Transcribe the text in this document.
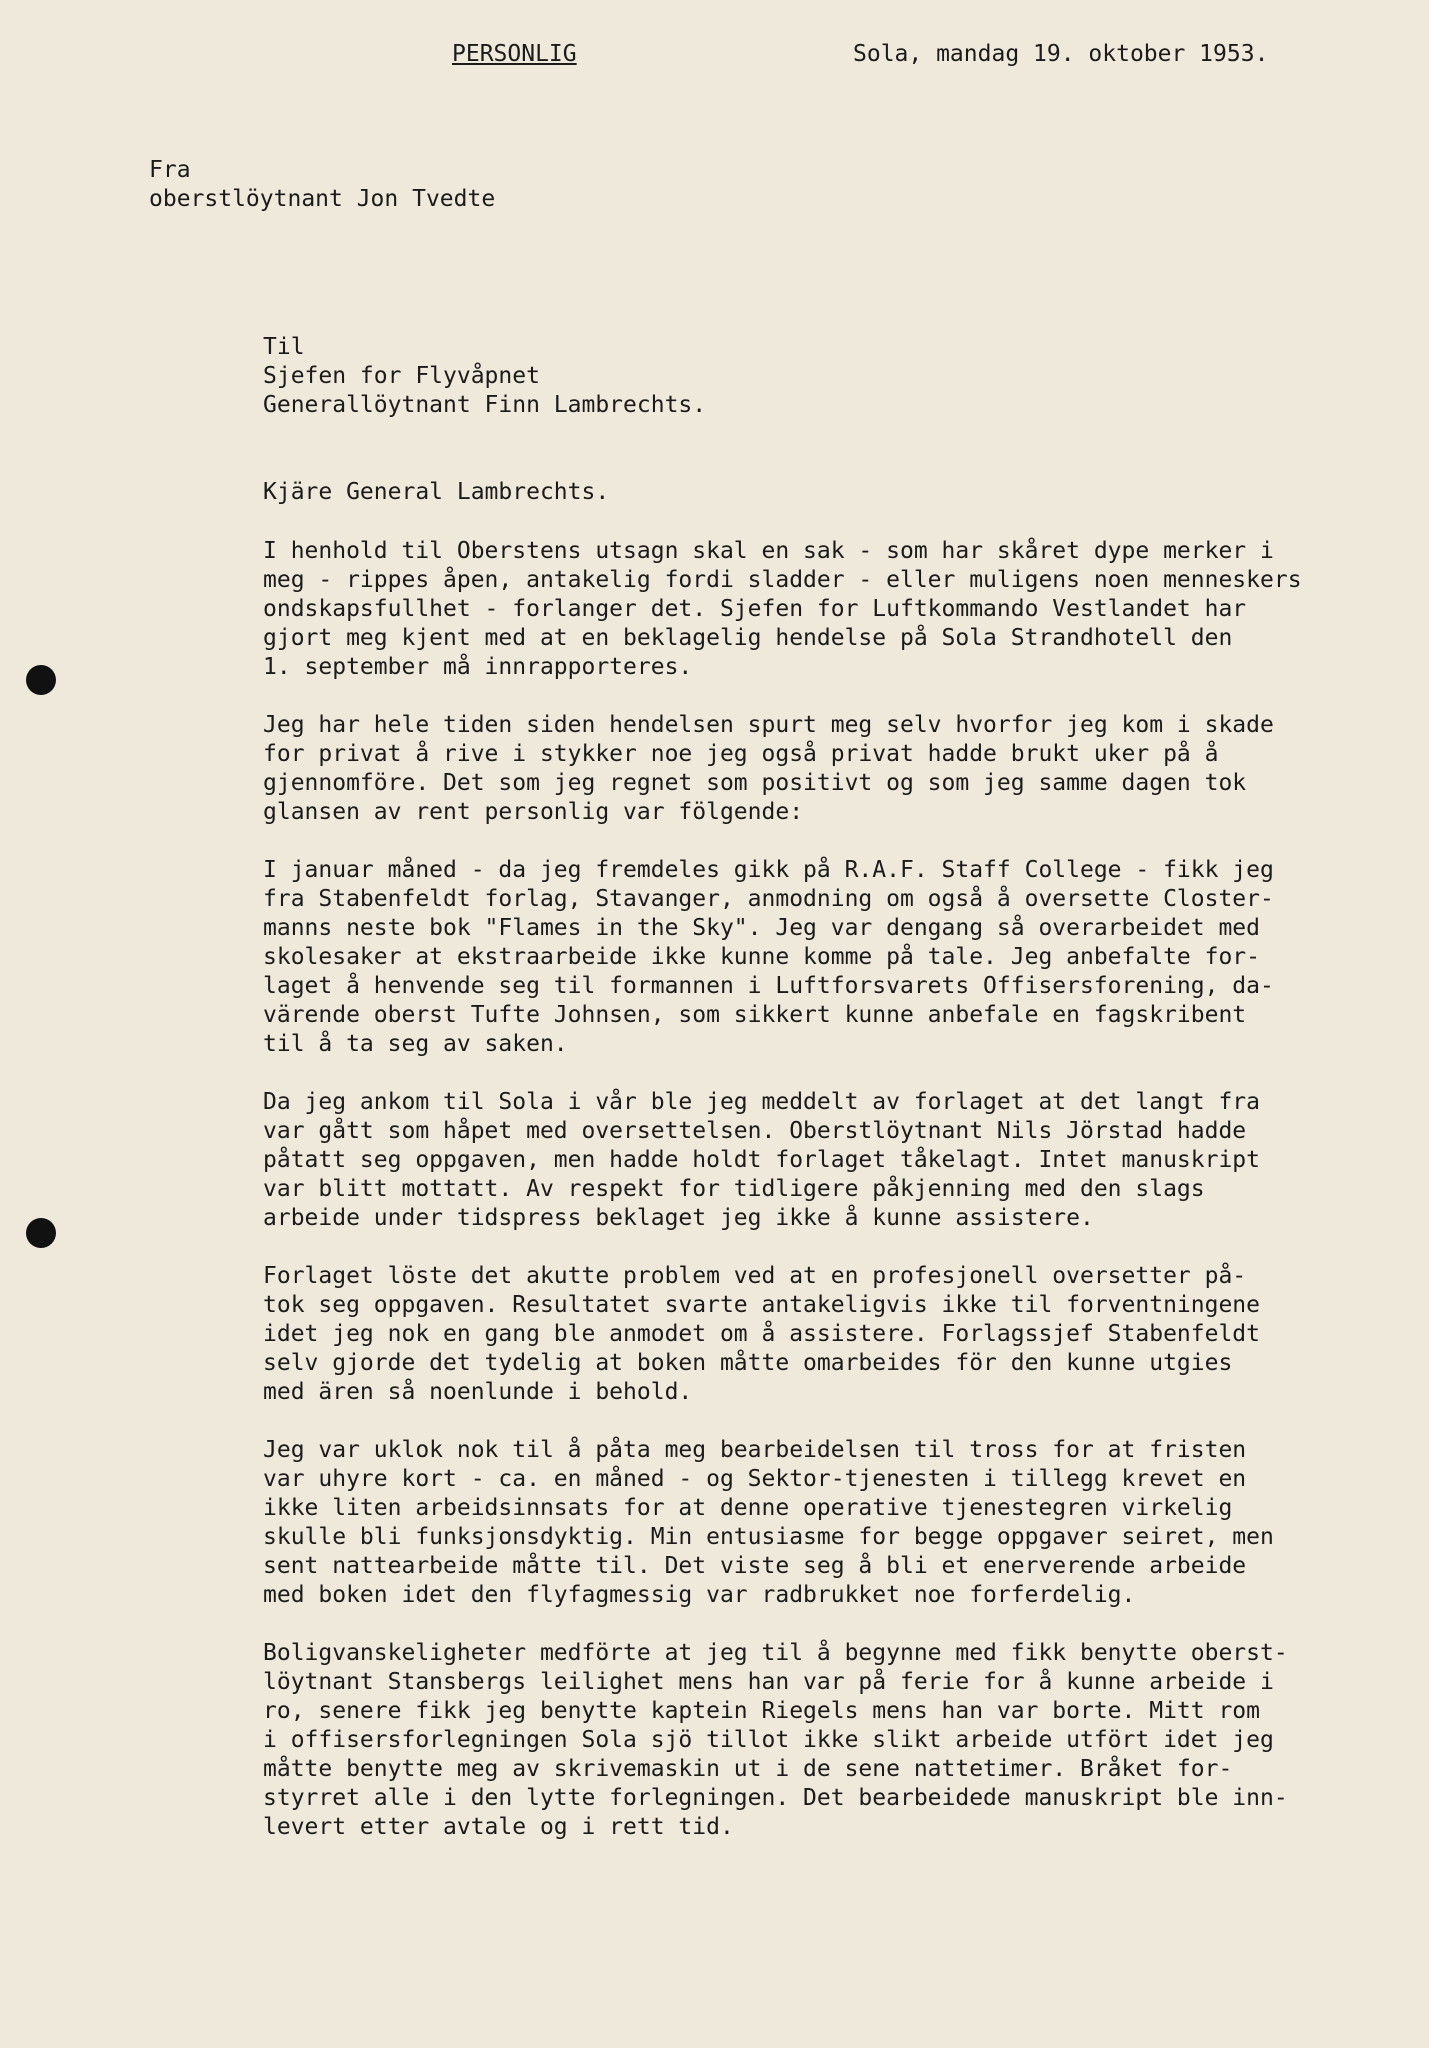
PERSONLIG	Sola, mandag 19. oktober 1953.
Fra
oberstlöytnant Jon Tvedte
Til
Sjefen for Flyvåpnet
Generallöytnant Finn Lambrechts.
Kjäre General Lambrechts.
I henhold til Oberstens utsagn skal en sak - som har skåret dype merker i
meg - rippes åpen, antakelig fordi sladder - eller muligens noen menneskers
ondskapsfullhet - forlanger det. Sjefen for Luftkommando Vestlandet har
gjort meg kjent med at en beklagelig hendelse på Sola Strandhotell den
1. september må innrapporteres.
Jeg har hele tiden siden hendelsen spurt meg selv hvorfor jeg kom i skade
for privat å rive i stykker noe jeg også privat hadde brukt uker på å
gjennomföre. Det som jeg regnet som positivt og som jeg samme dagen tok
glansen av rent personlig var fölgende:
I januar måned - da jeg fremdeles gikk på R.A.F. Staff College - fikk jeg
fra Stabenfeldt forlag, Stavanger, anmodning om også å oversette Closter-
manns neste bok "Flames in the Sky". Jeg var dengang så overarbeidet med
skolesaker at ekstraarbeide ikke kunne komme på tale. Jeg anbefalte for-
laget å henvende seg til formannen i Luftforsvarets Offisersforening, da-
värende oberst Tufte Johnsen, som sikkert kunne anbefale en fagskribent
til å ta seg av saken.
Da jeg ankom til Sola i vår ble jeg meddelt av forlaget at det langt fra
var gått som håpet med oversettelsen. Oberstlöytnant Nils Jörstad hadde
påtatt seg oppgaven, men hadde holdt forlaget tåkelagt. Intet manuskript
var blitt mottatt. Av respekt for tidligere påkjenning med den slags
arbeide under tidspress beklaget jeg ikke å kunne assistere.
Forlaget löste det akutte problem ved at en profesjonell oversetter på-
tok seg oppgaven. Resultatet svarte antakeligvis ikke til forventningene
idet jeg nok en gang ble anmodet om å assistere. Forlagssjef Stabenfeldt
selv gjorde det tydelig at boken måtte omarbeides för den kunne utgies
med ären så noenlunde i behold.
Jeg var uklok nok til å påta meg bearbeidelsen til tross for at fristen
var uhyre kort - ca. en måned - og Sektor-tjenesten i tillegg krevet en
ikke liten arbeidsinnsats for at denne operative tjenestegren virkelig
skulle bli funksjonsdyktig. Min entusiasme for begge oppgaver seiret, men
sent nattearbeide måtte til. Det viste seg å bli et enerverende arbeide
med boken idet den flyfagmessig var radbrukket noe forferdelig.
Boligvanskeligheter medförte at jeg til å begynne med fikk benytte oberst-
löytnant Stansbergs leilighet mens han var på ferie for å kunne arbeide i
ro, senere fikk jeg benytte kaptein Riegels mens han var borte. Mitt rom
i offisersforlegningen Sola sjö tillot ikke slikt arbeide utfört idet jeg
måtte benytte meg av skrivemaskin ut i de sene nattetimer. Bråket for-
styrret alle i den lytte forlegningen. Det bearbeidede manuskript ble inn-
levert etter avtale og i rett tid.
